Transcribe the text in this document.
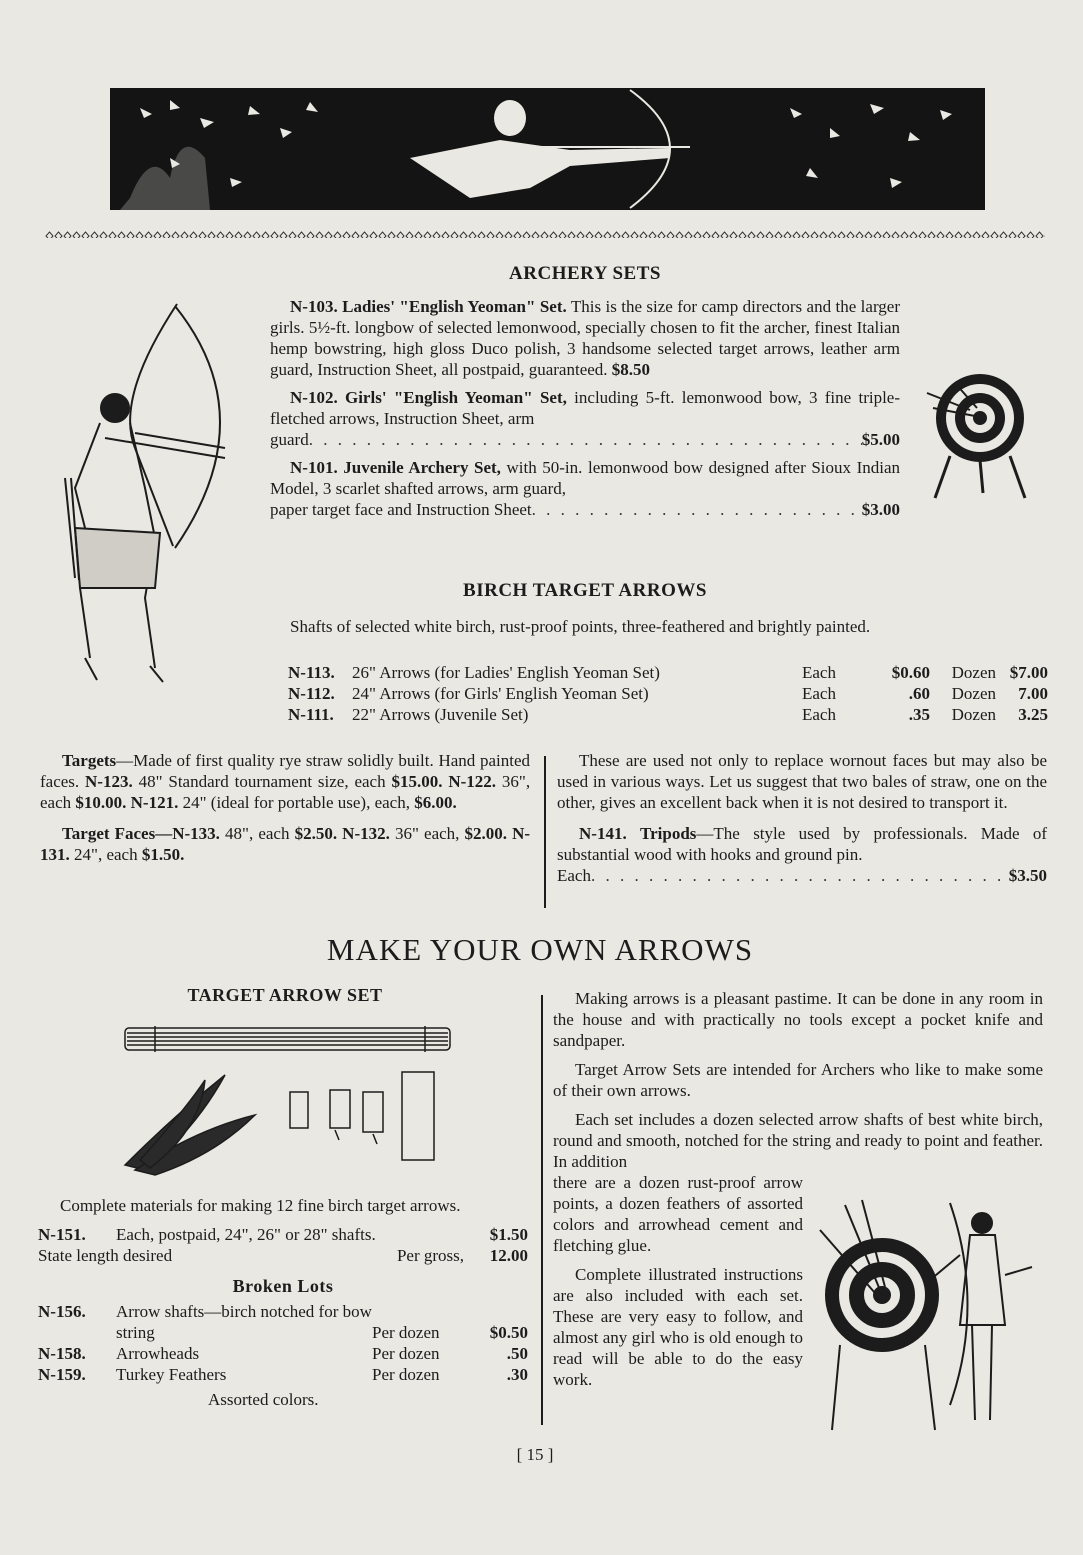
ARCHERY SETS
N-103. Ladies' "English Yeoman" Set. This is the size for camp directors and the larger girls. 5½-ft. longbow of selected lemonwood, specially chosen to fit the archer, finest Italian hemp bowstring, high gloss Duco polish, 3 handsome selected target arrows, leather arm guard, Instruction Sheet, all postpaid, guaranteed. $8.50
N-102. Girls' "English Yeoman" Set, including 5-ft. lemonwood bow, 3 fine triple-fletched arrows, Instruction Sheet, arm
guard . . .	$5.00
N-101. Juvenile Archery Set, with 50-in. lemonwood bow designed after Sioux Indian Model, 3 scarlet shafted arrows, arm guard,
paper target face and Instruction Sheet . . .	$3.00
BIRCH TARGET ARROWS
Shafts of selected white birch, rust-proof points, three-feathered and brightly painted.
N-113.	26" Arrows (for Ladies' English Yeoman Set)	Each	$0.60	Dozen $7.00
N-112.	24" Arrows (for Girls' English Yeoman Set)	Each	.60	Dozen	7.00
N-111.	22" Arrows (Juvenile Set)	Each	.35	Dozen	3.25
Targets—Made of first quality rye straw solidly built. Hand painted faces. N-123. 48" Standard tournament size, each $15.00. N-122. 36", each $10.00. N-121. 24" (ideal for portable use), each, $6.00.
Target Faces—N-133. 48", each $2.50. N-132. 36" each, $2.00. N-131. 24", each $1.50.
These are used not only to replace wornout faces but may also be used in various ways. Let us suggest that two bales of straw, one on the other, gives an excellent back when it is not desired to transport it.
N-141. Tripods—The style used by professionals. Made of substantial wood with hooks and ground pin.
Each . . .	$3.50
MAKE YOUR OWN ARROWS
TARGET ARROW SET
Complete materials for making 12 fine birch target arrows.
N-151.	Each, postpaid, 24", 26" or 28" shafts.	$1.50
State length desired	Per gross,	12.00
Broken Lots
N-156.	Arrow shafts—birch notched for bow
string	Per dozen	$0.50
N-158.	Arrowheads	Per dozen	.50
N-159.	Turkey Feathers	Per dozen	.30
Assorted colors.
Making arrows is a pleasant pastime. It can be done in any room in the house and with practically no tools except a pocket knife and sandpaper.
Target Arrow Sets are intended for Archers who like to make some of their own arrows.
Each set includes a dozen selected arrow shafts of best white birch, round and smooth, notched for the string and ready to point and feather. In addition
there are a dozen rust-proof arrow points, a dozen feathers of assorted colors and arrowhead cement and fletching glue.
Complete illustrated instructions are also included with each set. These are very easy to follow, and almost any girl who is old enough to read will be able to do the easy work.
[ 15 ]
